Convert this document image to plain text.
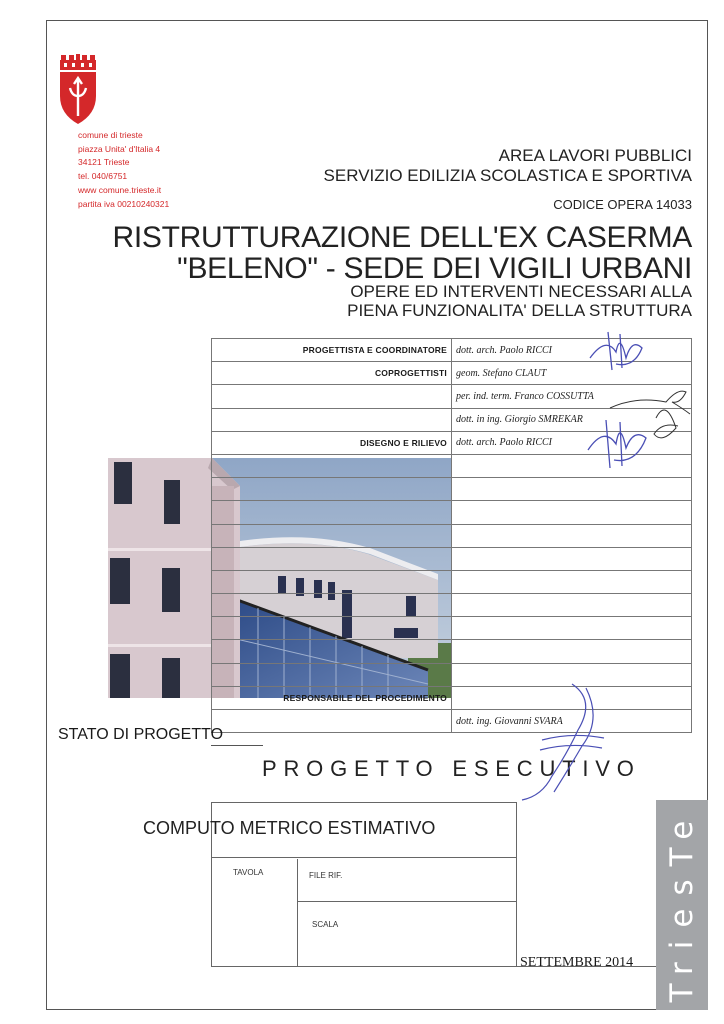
comune di trieste
piazza Unita' d'Italia 4
34121 Trieste
tel. 040/6751
www comune.trieste.it
partita iva 00210240321
AREA LAVORI PUBBLICI
SERVIZIO EDILIZIA SCOLASTICA E SPORTIVA
CODICE OPERA 14033
RISTRUTTURAZIONE DELL'EX CASERMA
"BELENO" - SEDE DEI VIGILI URBANI
OPERE ED INTERVENTI NECESSARI ALLA
PIENA FUNZIONALITA' DELLA STRUTTURA
PROGETTISTA E COORDINATORE	dott. arch. Paolo RICCI
COPROGETTISTI	geom. Stefano CLAUT
	per. ind. term. Franco COSSUTTA
	dott. in ing. Giorgio SMREKAR
DISEGNO E RILIEVO	dott. arch. Paolo RICCI

RESPONSABILE DEL PROCEDIMENTO	
	dott. ing. Giovanni SVARA
STATO DI PROGETTO
PROGETTO ESECUTIVO
COMPUTO METRICO ESTIMATIVO
TAVOLA	FILE RIF.
SCALA
SETTEMBRE 2014 TriesTe
